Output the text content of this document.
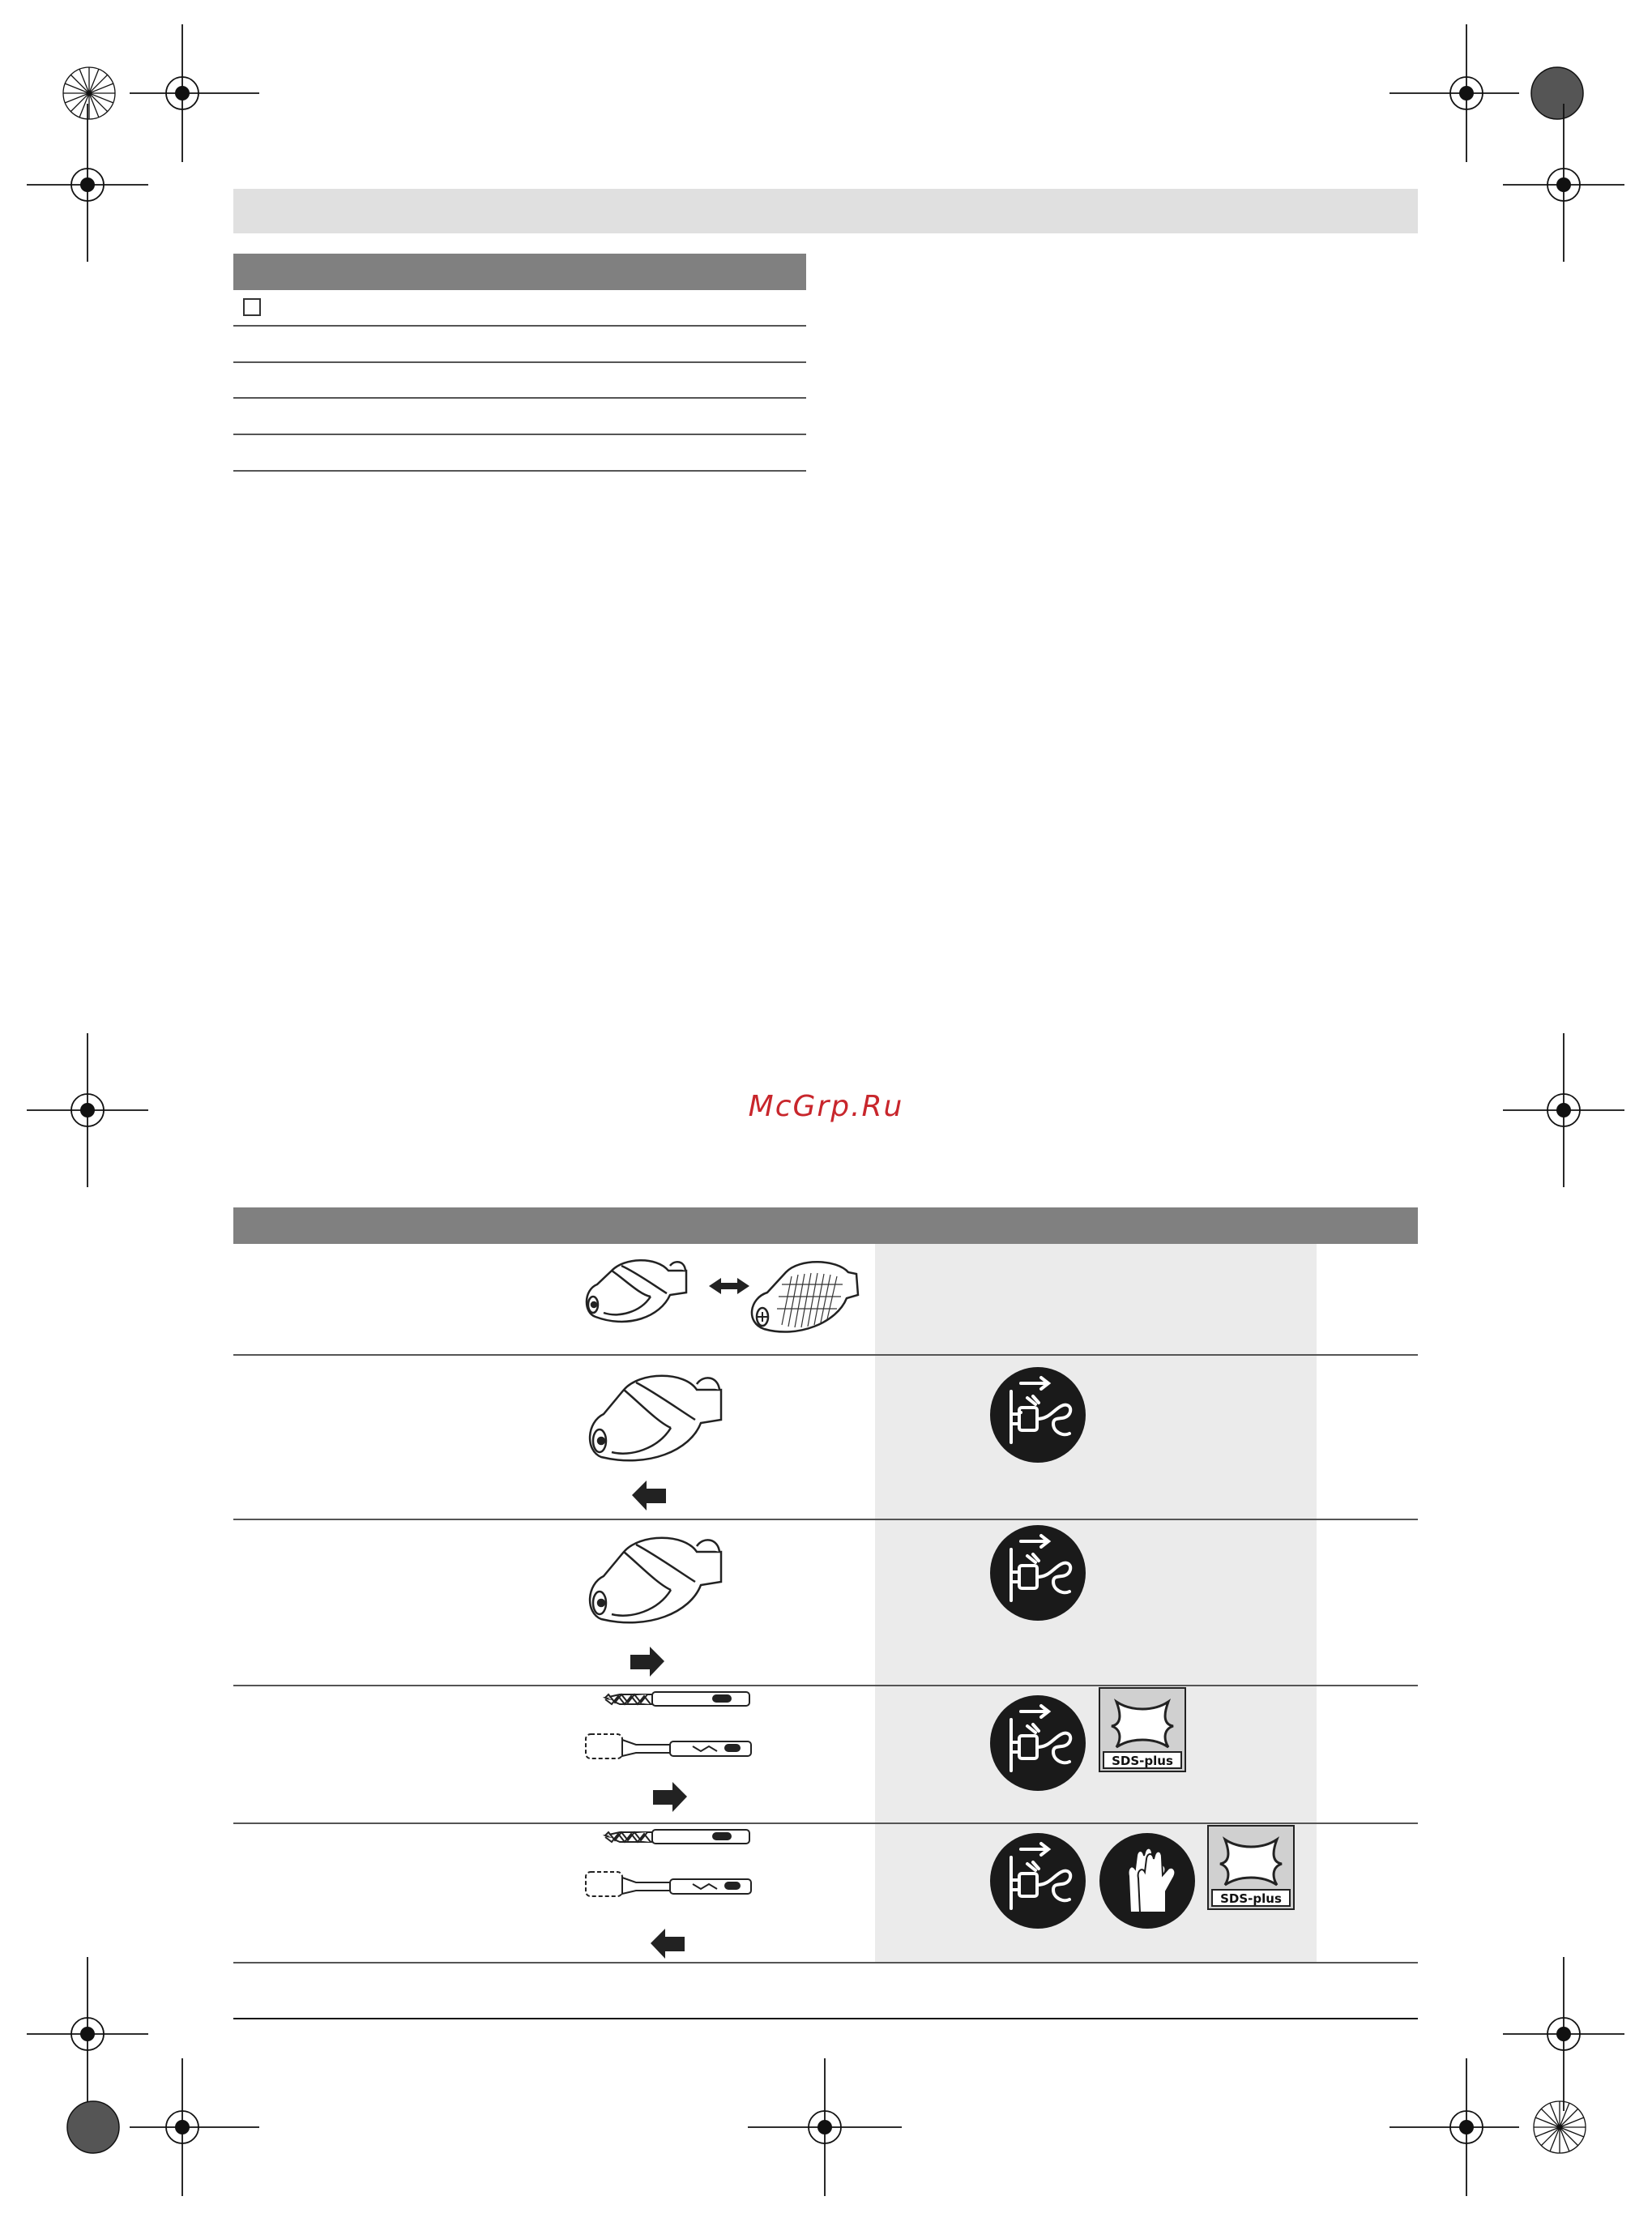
McGrp.Ru
SDS-plus
SDS-plus
